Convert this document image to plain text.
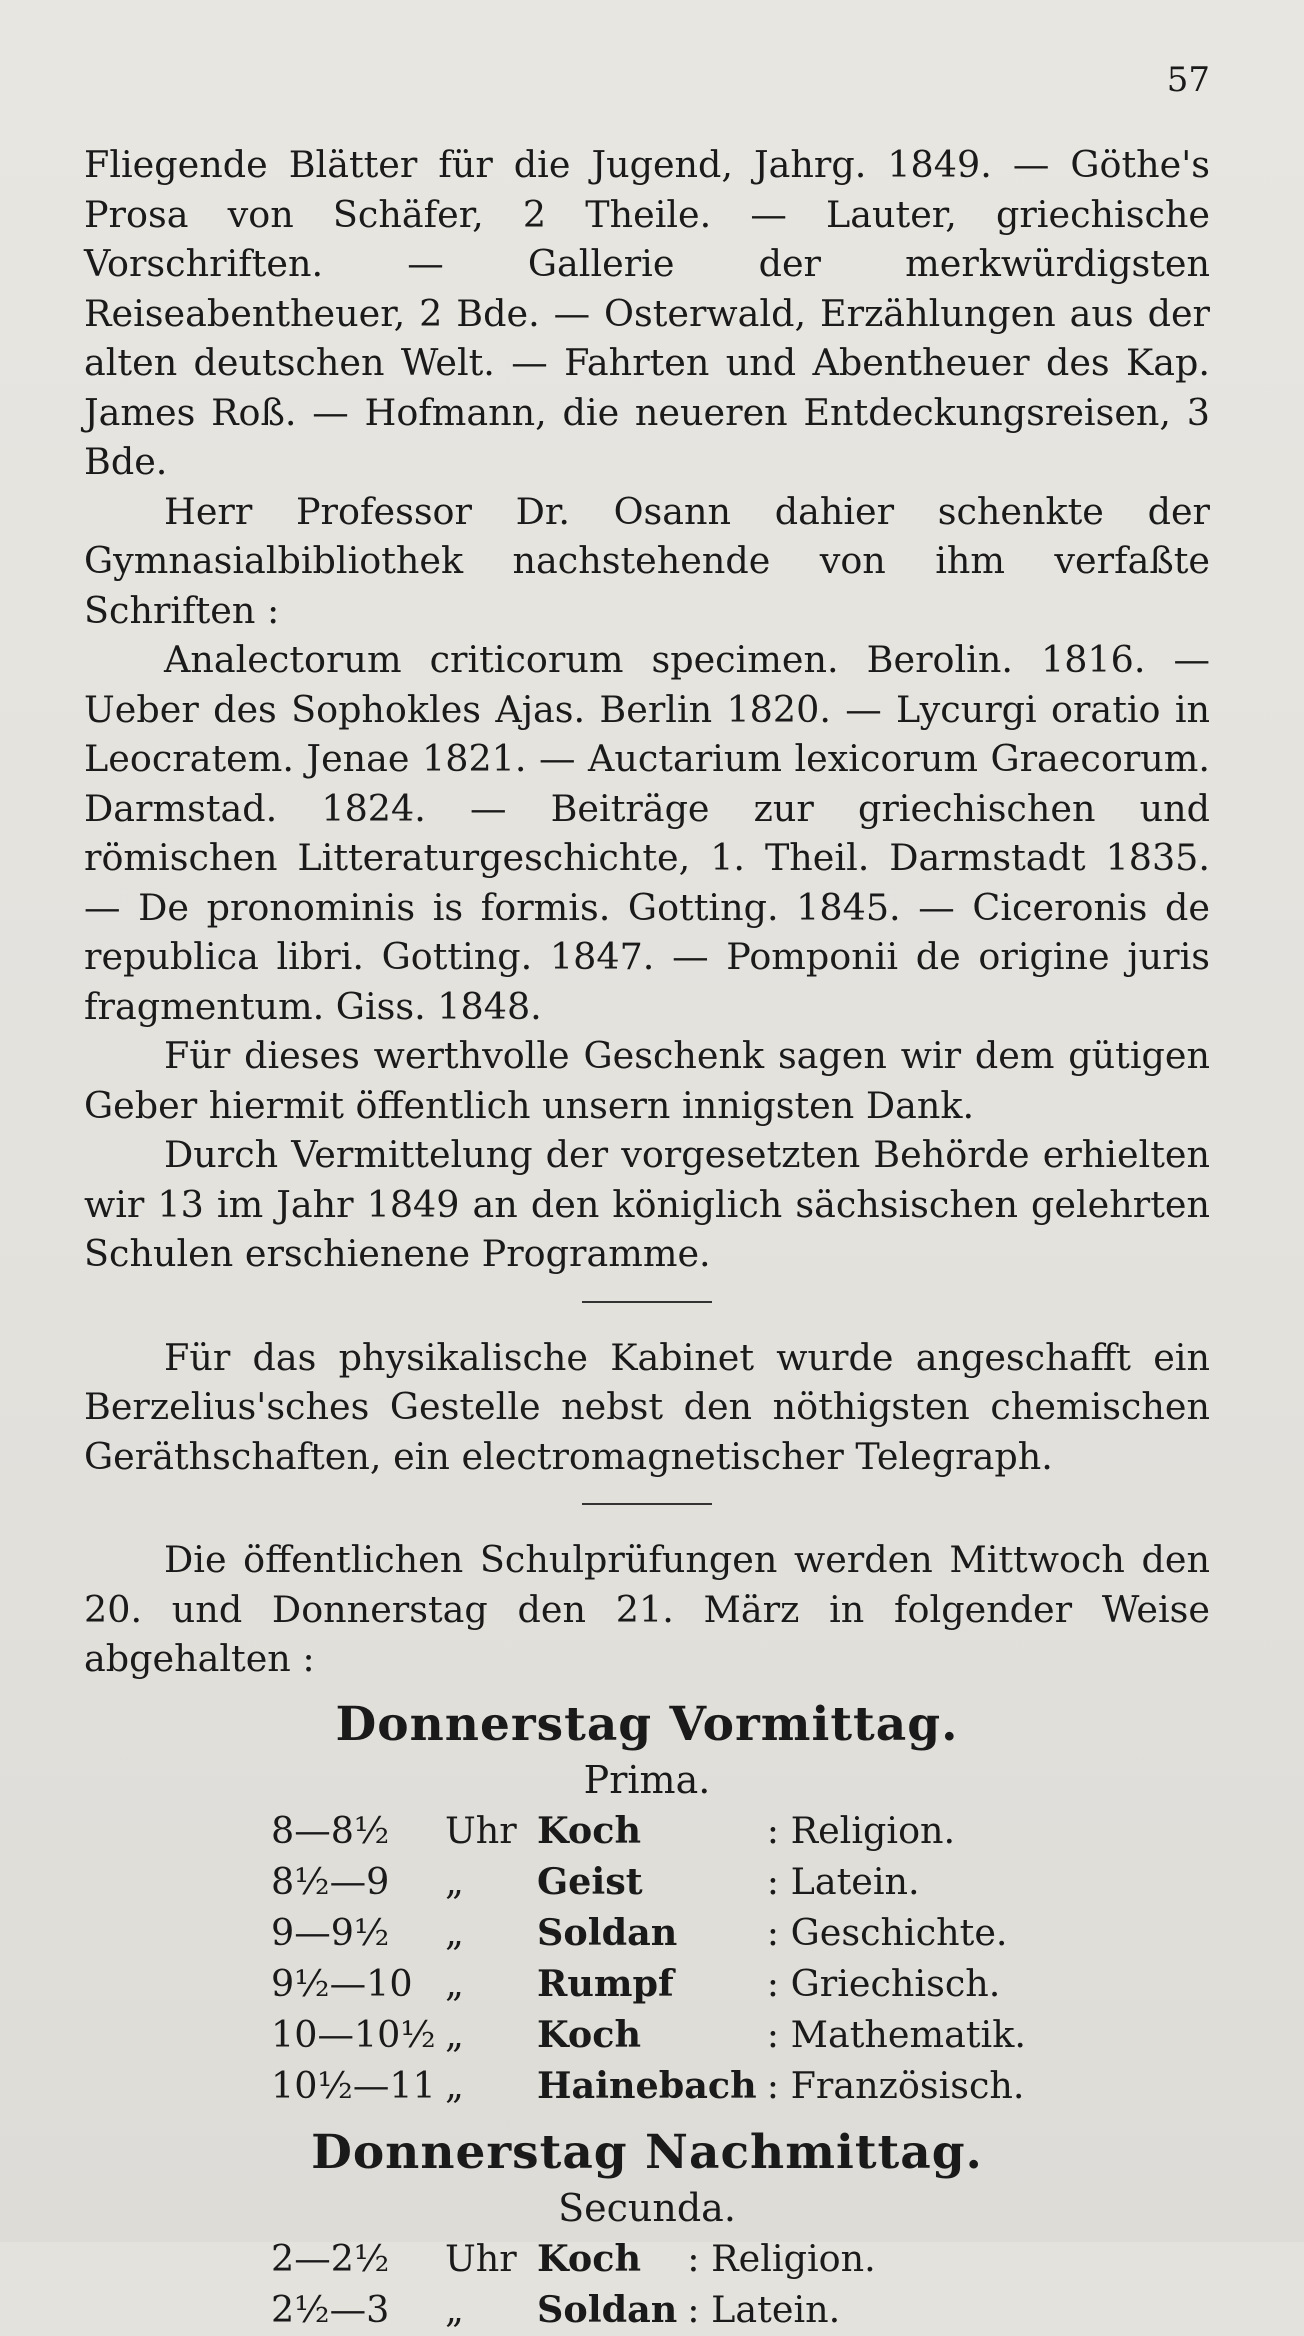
57

Fliegende Blätter für die Jugend, Jahrg. 1849. — Göthe's Prosa von Schäfer, 2 Theile. — Lauter, griechische Vorschriften. — Gallerie der merkwürdigsten Reiseabentheuer, 2 Bde. — Osterwald, Erzählungen aus der alten deutschen Welt. — Fahrten und Abentheuer des Kap. James Roß. — Hofmann, die neueren Entdeckungsreisen, 3 Bde.

Herr Professor Dr. Osann dahier schenkte der Gymnasialbibliothek nachstehende von ihm verfaßte Schriften :

Analectorum criticorum specimen. Berolin. 1816. — Ueber des Sophokles Ajas. Berlin 1820. — Lycurgi oratio in Leocratem. Jenae 1821. — Auctarium lexicorum Graecorum. Darmstad. 1824. — Beiträge zur griechischen und römischen Litteraturgeschichte, 1. Theil. Darmstadt 1835. — De pronominis is formis. Gotting. 1845. — Ciceronis de republica libri. Gotting. 1847. — Pomponii de origine juris fragmentum. Giss. 1848.

Für dieses werthvolle Geschenk sagen wir dem gütigen Geber hiermit öffentlich unsern innigsten Dank.

Durch Vermittelung der vorgesetzten Behörde erhielten wir 13 im Jahr 1849 an den königlich sächsischen gelehrten Schulen erschienene Programme.

Für das physikalische Kabinet wurde angeschafft ein Berzelius'sches Gestelle nebst den nöthigsten chemischen Geräthschaften, ein electromagnetischer Telegraph.

Die öffentlichen Schulprüfungen werden Mittwoch den 20. und Donnerstag den 21. März in folgender Weise abgehalten :

Donnerstag Vormittag.
Prima.
8—8½	Uhr	Koch	: Religion.
8½—9	„	Geist	: Latein.
9—9½	„	Soldan	: Geschichte.
9½—10	„	Rumpf	: Griechisch.
10—10½	„	Koch	: Mathematik.
10½—11	„	Hainebach	: Französisch.
Donnerstag Nachmittag.
Secunda.
2—2½	Uhr	Koch	: Religion.
2½—3	„	Soldan	: Latein.
